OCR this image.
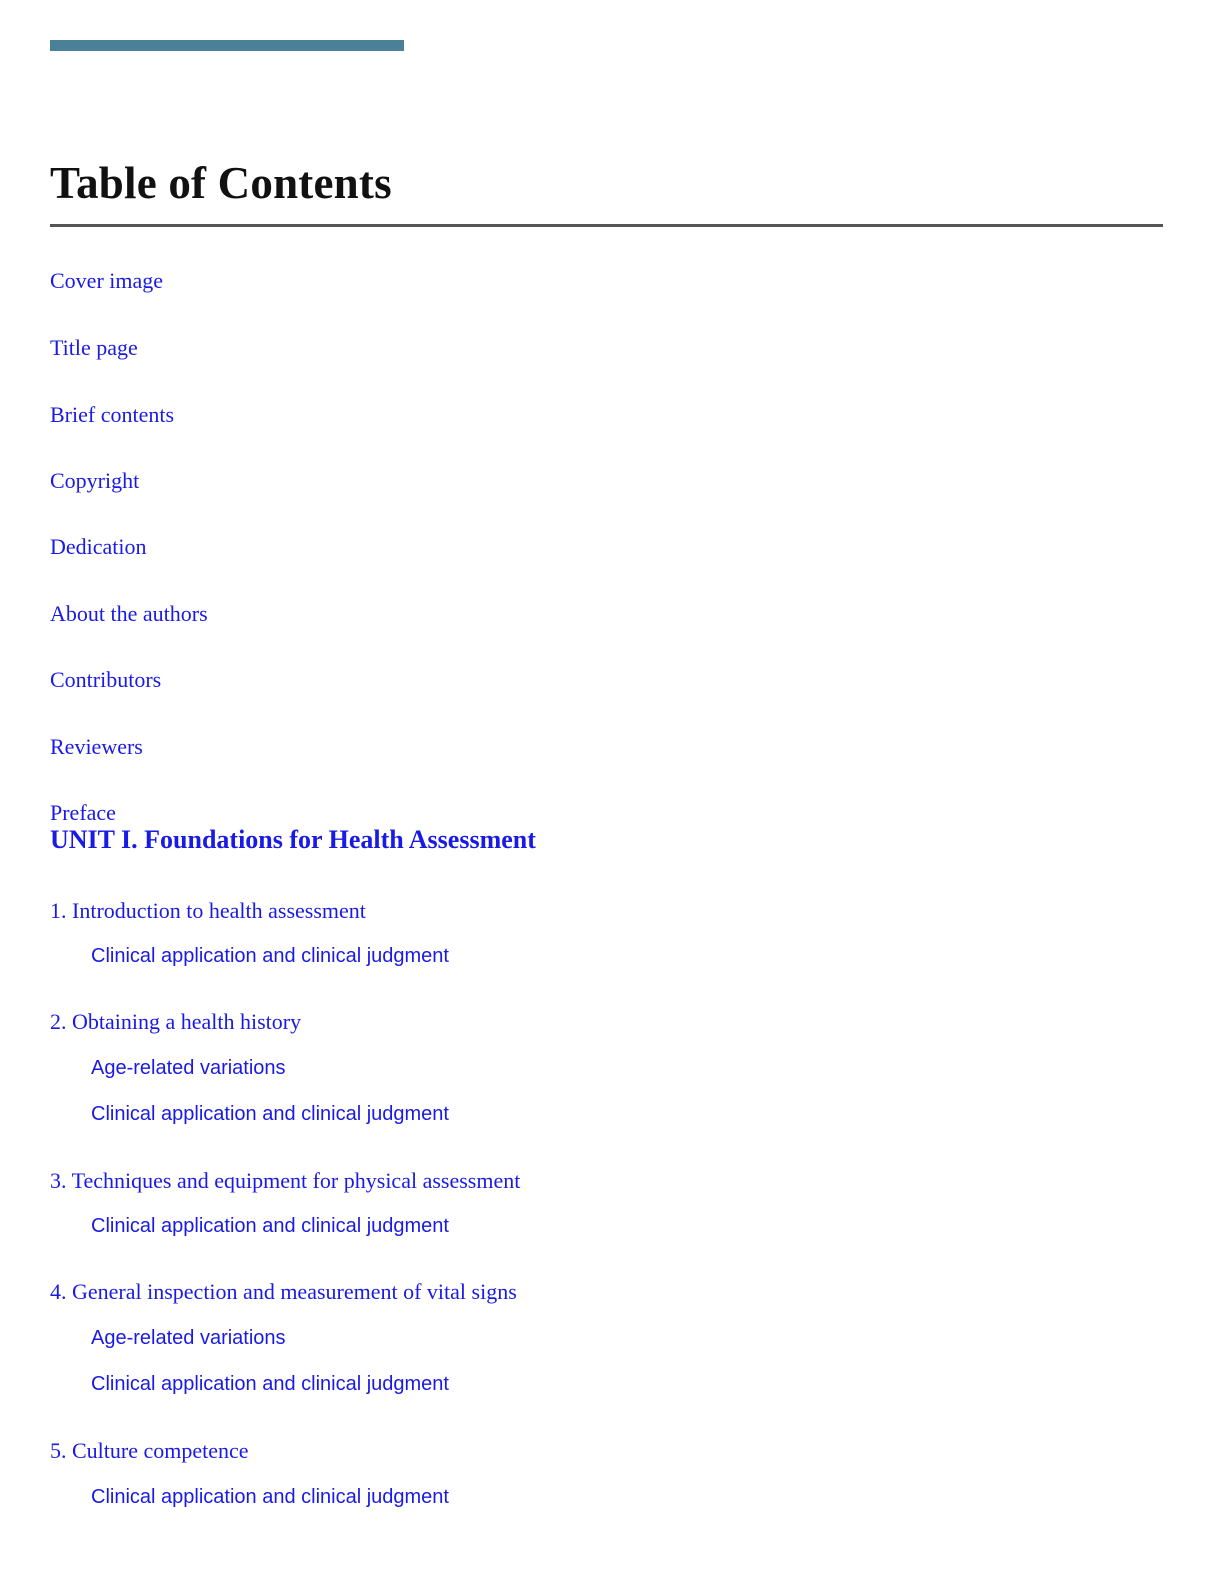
Table of Contents
Cover image
Title page
Brief contents
Copyright
Dedication
About the authors
Contributors
Reviewers
Preface
UNIT I. Foundations for Health Assessment
1. Introduction to health assessment
Clinical application and clinical judgment
2. Obtaining a health history
Age-related variations
Clinical application and clinical judgment
3. Techniques and equipment for physical assessment
Clinical application and clinical judgment
4. General inspection and measurement of vital signs
Age-related variations
Clinical application and clinical judgment
5. Culture competence
Clinical application and clinical judgment
